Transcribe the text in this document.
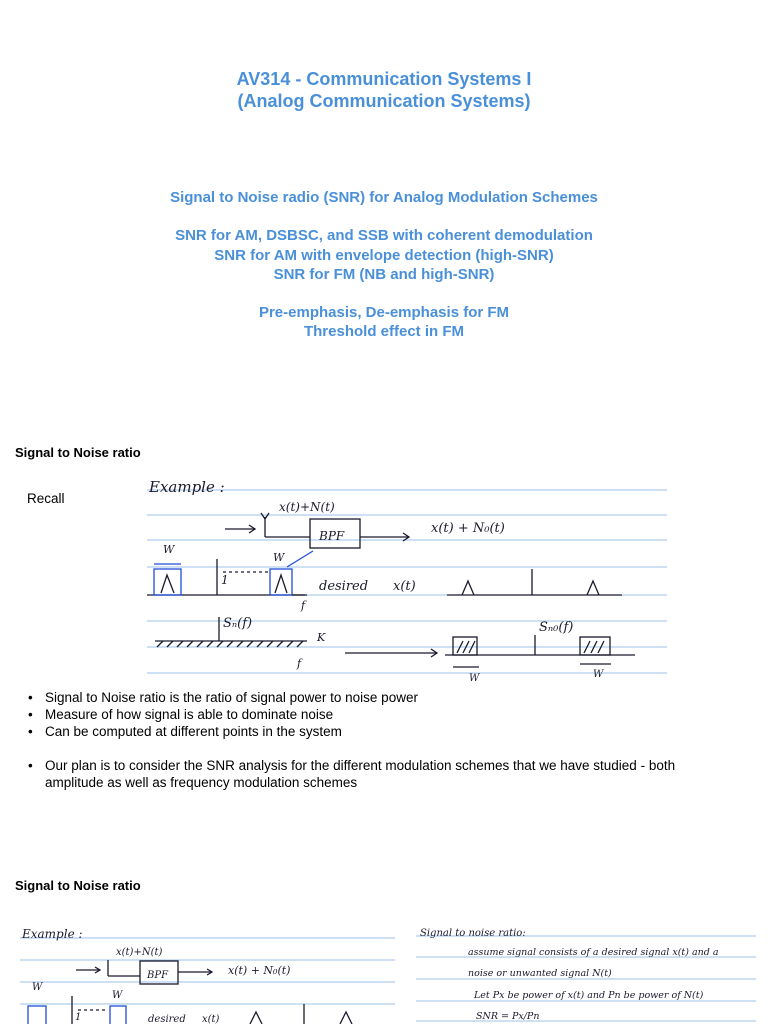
AV314 - Communication Systems I
(Analog Communication Systems)
Signal to Noise radio (SNR) for Analog Modulation Schemes
SNR for AM, DSBSC, and SSB with coherent demodulation
SNR for AM with envelope detection (high-SNR)
SNR for FM (NB and high-SNR)
Pre-emphasis, De-emphasis for FM
Threshold effect in FM
Signal to Noise ratio
Recall
Example :
x(t)+N(t)
BPF	x(t) + N₀(t)
W
1
W
f
desired x(t)
Sₙ(f)
K
f
Sₙ₀(f)
W	W
• Signal to Noise ratio is the ratio of signal power to noise power
• Measure of how signal is able to dominate noise
• Can be computed at different points in the system
• Our plan is to consider the SNR analysis for the different modulation schemes that we have studied - both amplitude as well as frequency modulation schemes
Signal to Noise ratio
Example :
x(t)+N(t)
BPF	x(t) + N₀(t)
W
1
W
desired x(t)
Signal to noise ratio:
assume signal consists of a desired signal x(t) and a
noise or unwanted signal N(t)
Let Px be power of x(t) and Pn be power of N(t)
SNR = Px/Pn
